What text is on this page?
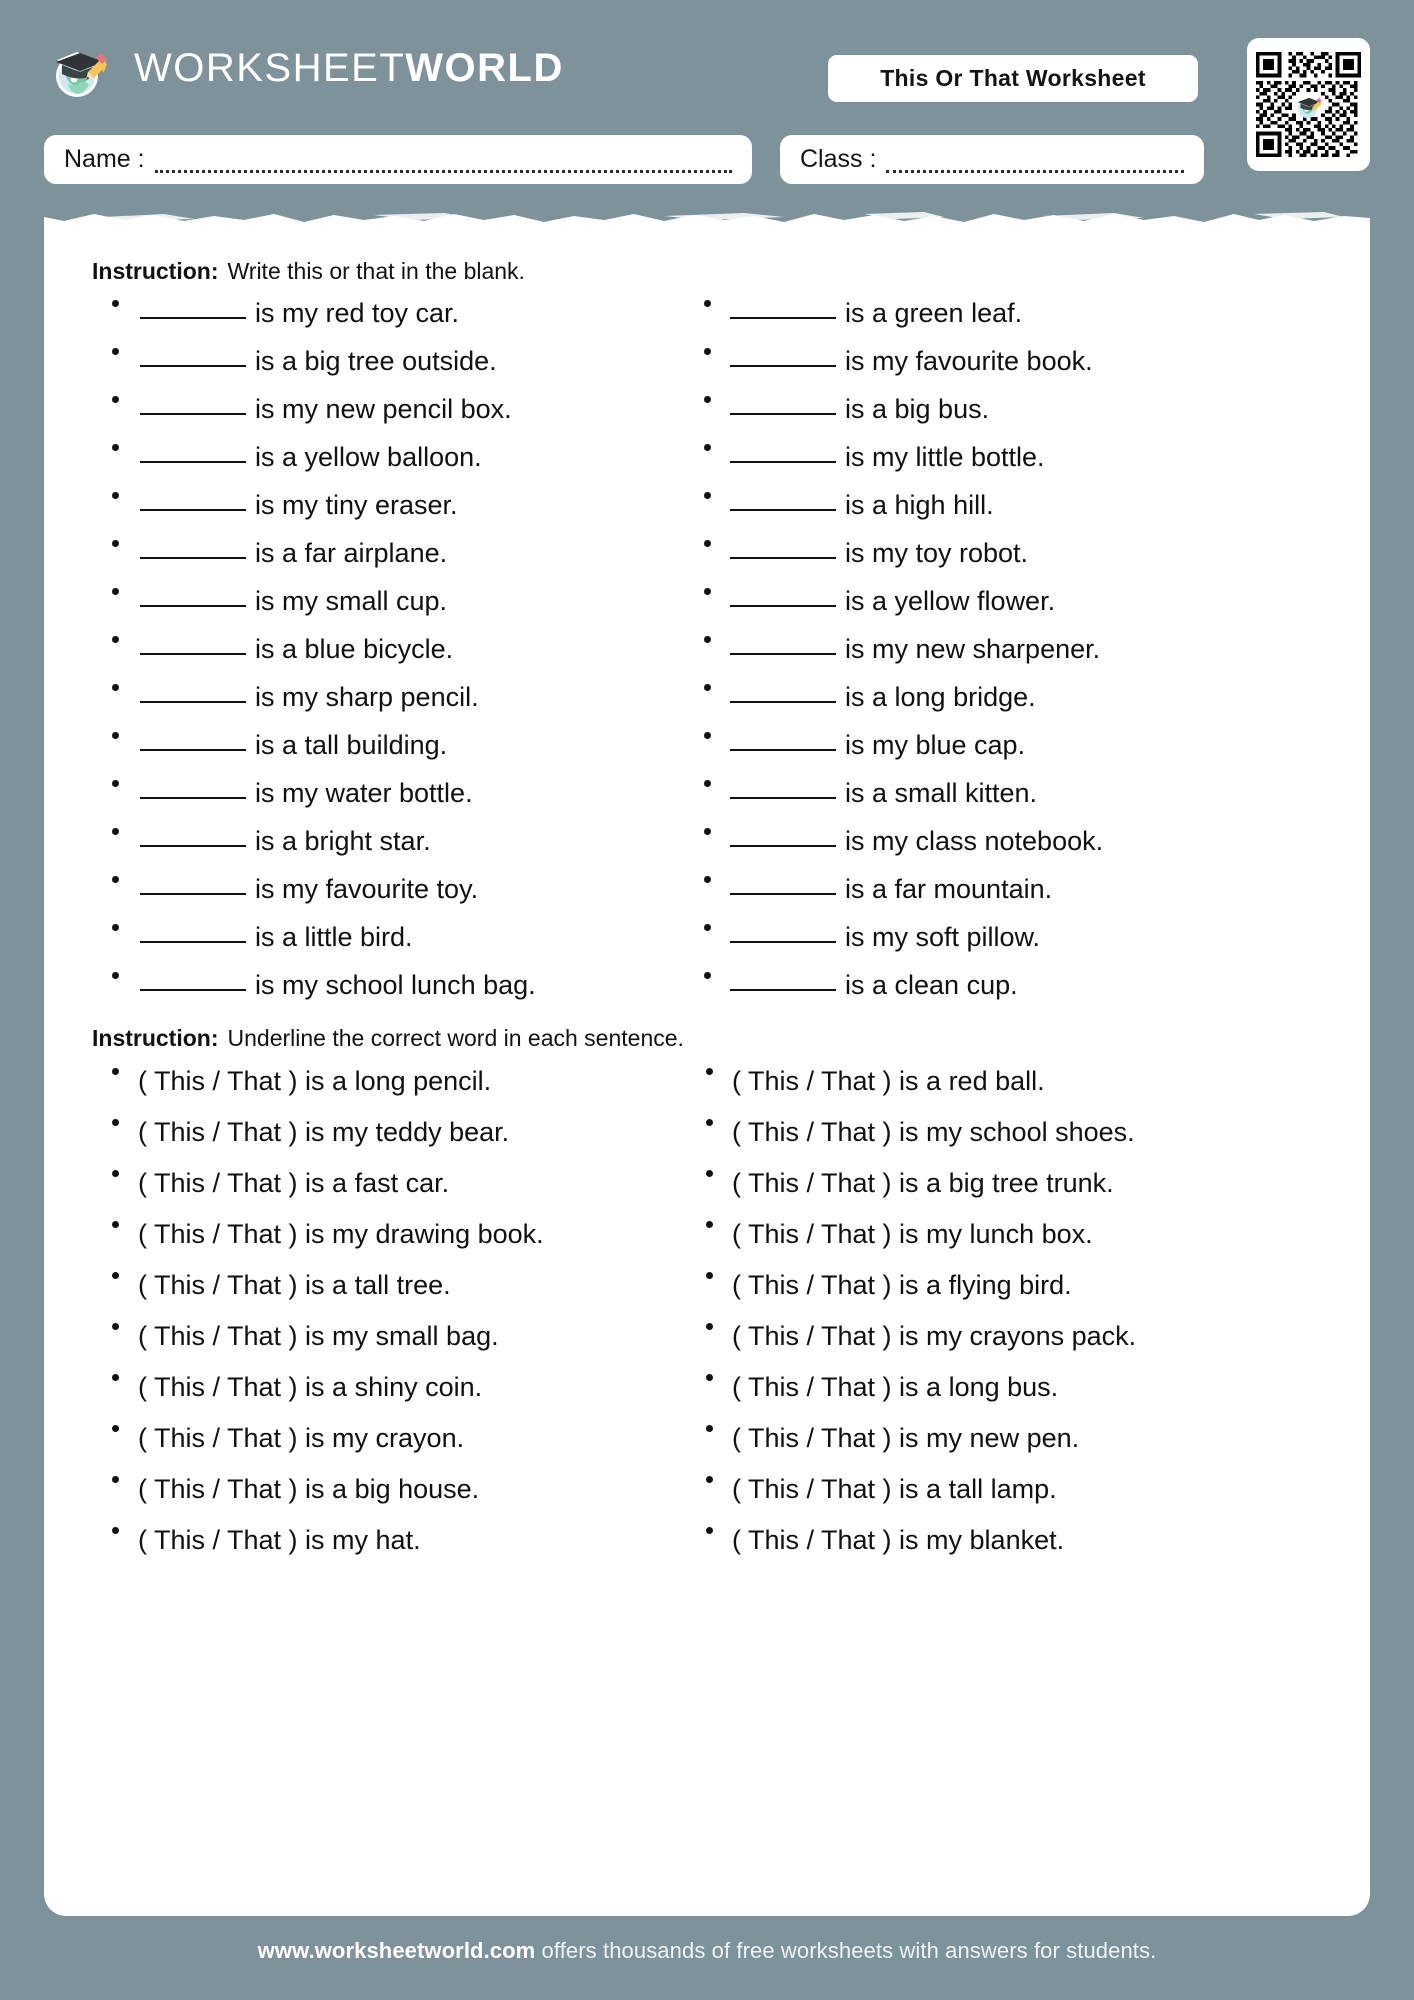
WORKSHEETWORLD	This Or That Worksheet
Name :	Class :
Instruction: Write this or that in the blank.
is my red toy car.
is a big tree outside.
is my new pencil box.
is a yellow balloon.
is my tiny eraser.
is a far airplane.
is my small cup.
is a blue bicycle.
is my sharp pencil.
is a tall building.
is my water bottle.
is a bright star.
is my favourite toy.
is a little bird.
is my school lunch bag.
is a green leaf.
is my favourite book.
is a big bus.
is my little bottle.
is a high hill.
is my toy robot.
is a yellow flower.
is my new sharpener.
is a long bridge.
is my blue cap.
is a small kitten.
is my class notebook.
is a far mountain.
is my soft pillow.
is a clean cup.
Instruction: Underline the correct word in each sentence.
( This / That ) is a long pencil.
( This / That ) is my teddy bear.
( This / That ) is a fast car.
( This / That ) is my drawing book.
( This / That ) is a tall tree.
( This / That ) is my small bag.
( This / That ) is a shiny coin.
( This / That ) is my crayon.
( This / That ) is a big house.
( This / That ) is my hat.
( This / That ) is a red ball.
( This / That ) is my school shoes.
( This / That ) is a big tree trunk.
( This / That ) is my lunch box.
( This / That ) is a flying bird.
( This / That ) is my crayons pack.
( This / That ) is a long bus.
( This / That ) is my new pen.
( This / That ) is a tall lamp.
( This / That ) is my blanket.
www.worksheetworld.com offers thousands of free worksheets with answers for students.
